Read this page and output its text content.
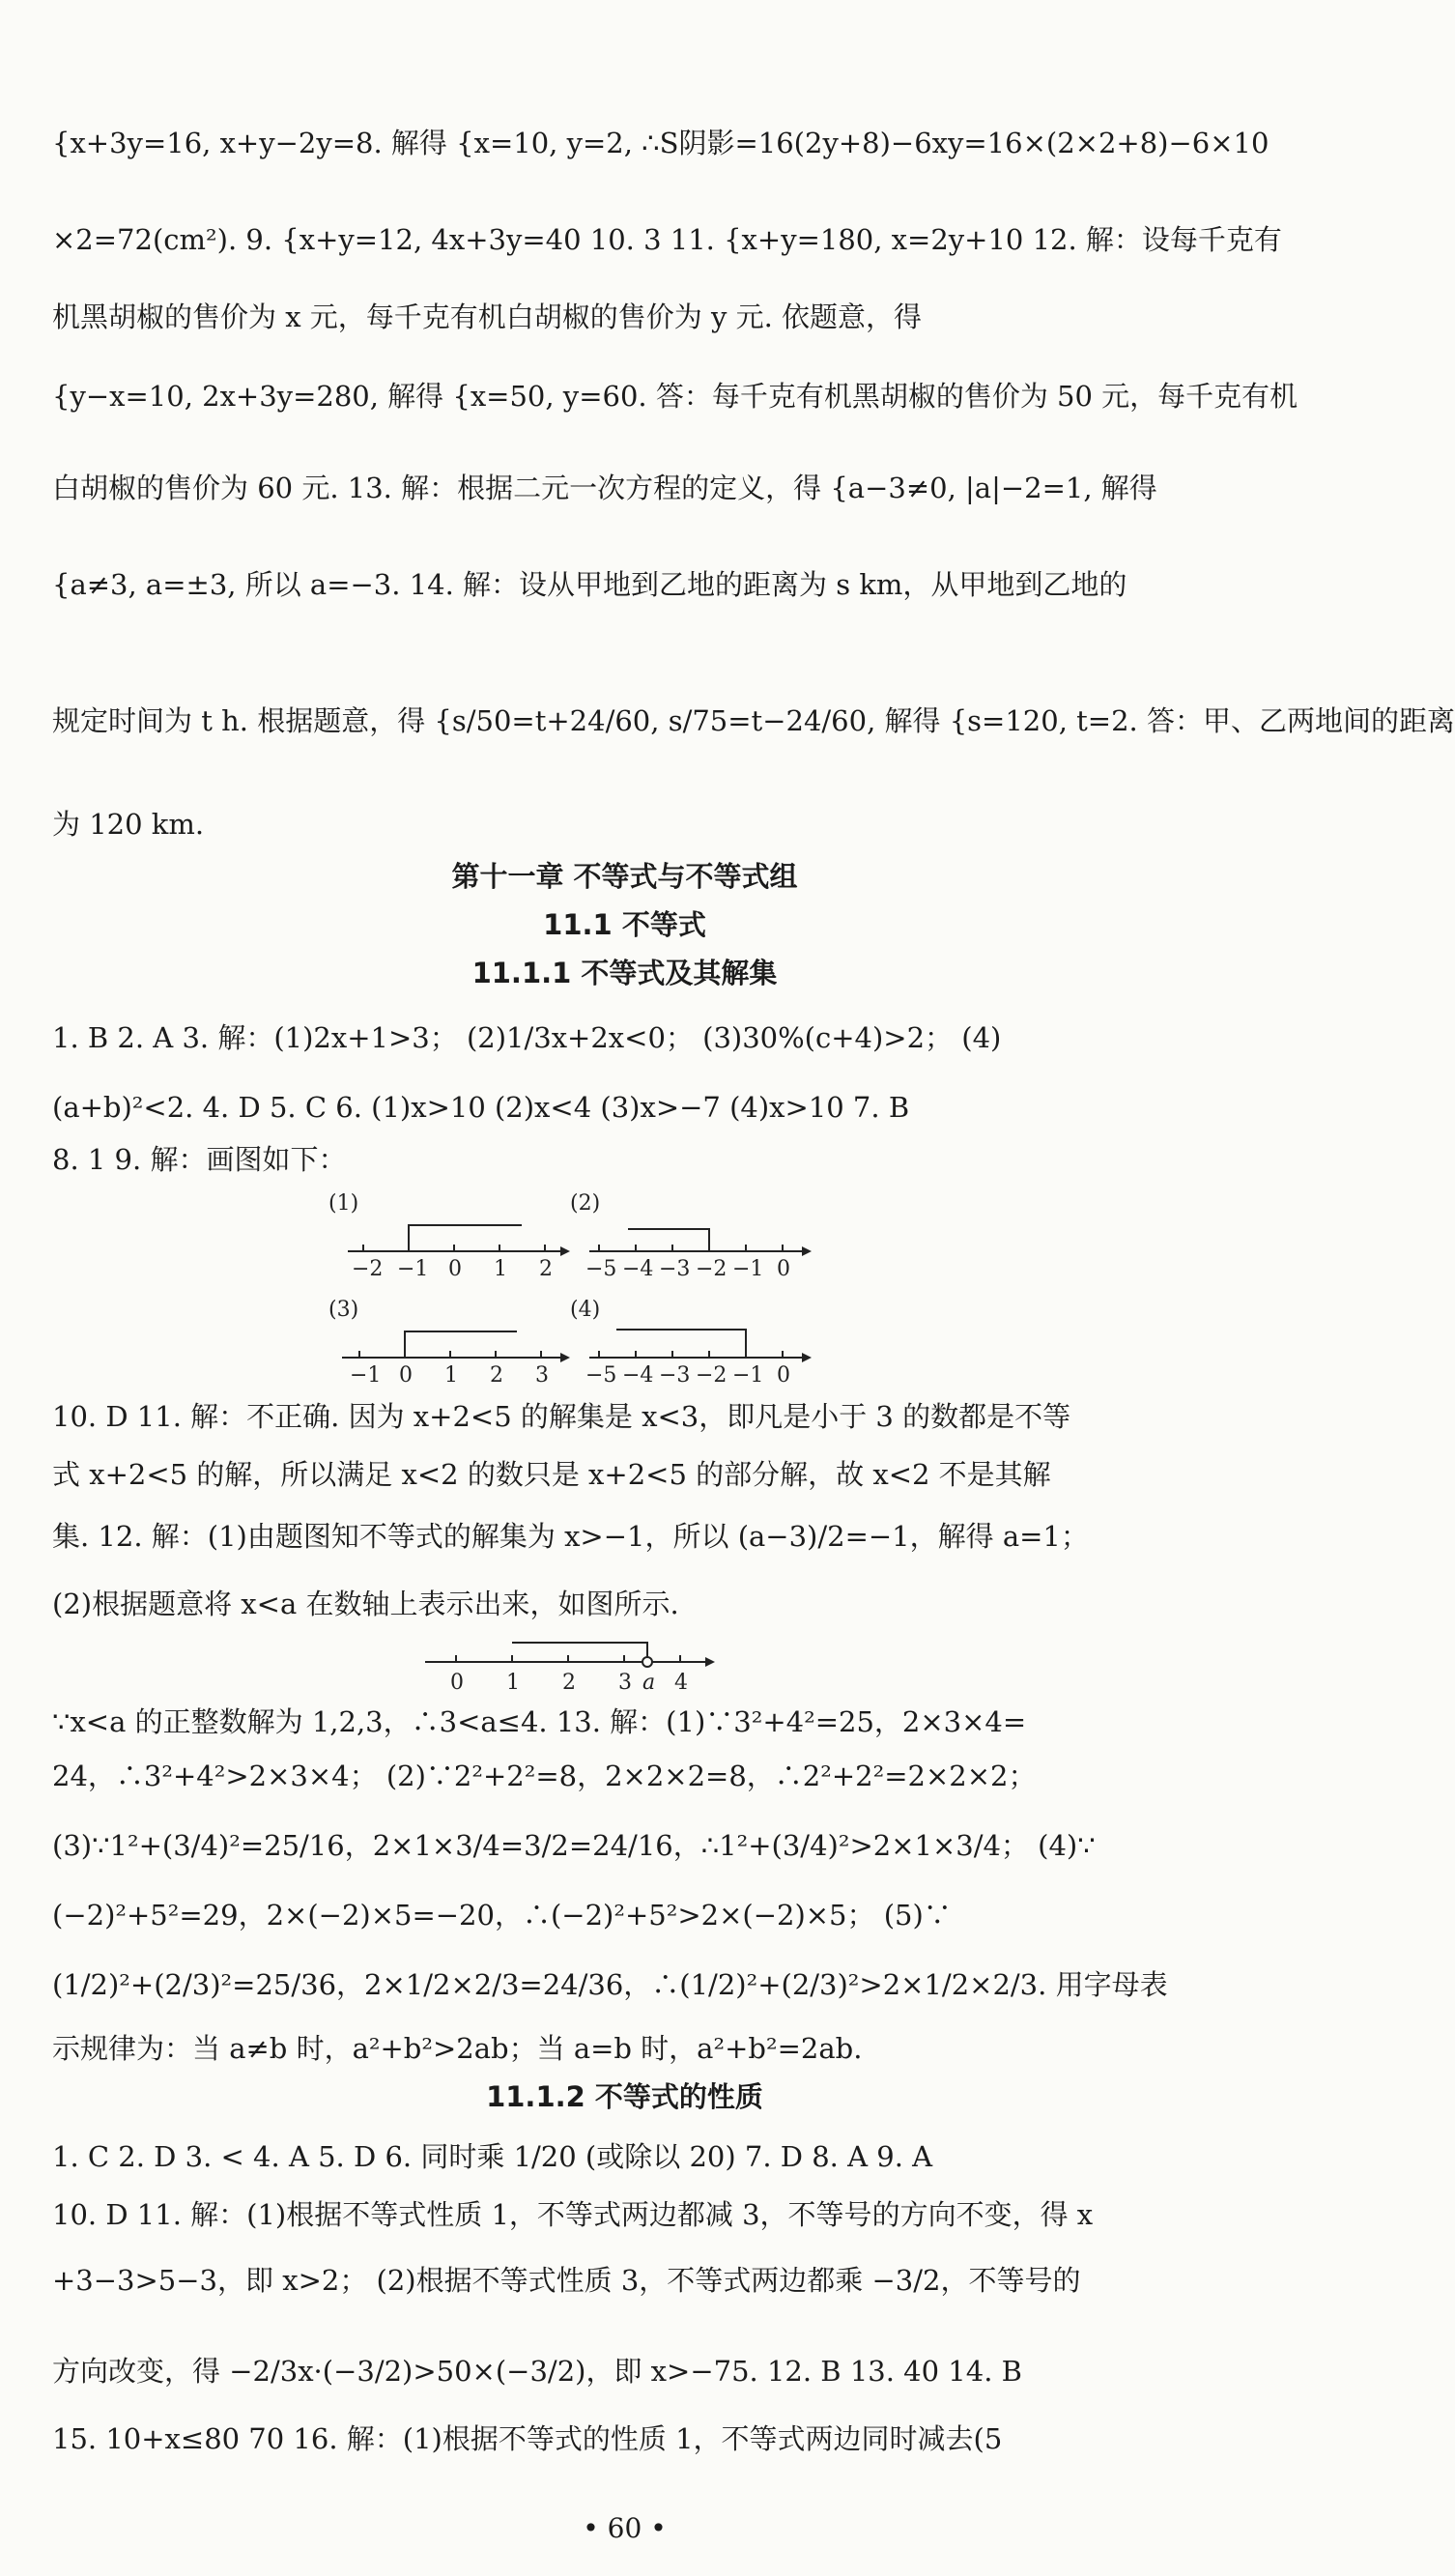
{x+3y=16, x+y−2y=8. 解得 {x=10, y=2, ∴S阴影=16(2y+8)−6xy=16×(2×2+8)−6×10
×2=72(cm²). 9. {x+y=12, 4x+3y=40 10. 3 11. {x+y=180, x=2y+10 12. 解：设每千克有
机黑胡椒的售价为 x 元，每千克有机白胡椒的售价为 y 元. 依题意，得
{y−x=10, 2x+3y=280, 解得 {x=50, y=60. 答：每千克有机黑胡椒的售价为 50 元，每千克有机
白胡椒的售价为 60 元. 13. 解：根据二元一次方程的定义，得 {a−3≠0, |a|−2=1, 解得
{a≠3, a=±3, 所以 a=−3. 14. 解：设从甲地到乙地的距离为 s km，从甲地到乙地的
规定时间为 t h. 根据题意，得 {s/50=t+24/60, s/75=t−24/60, 解得 {s=120, t=2. 答：甲、乙两地间的距离
为 120 km.
第十一章 不等式与不等式组
11.1 不等式
11.1.1 不等式及其解集
1. B 2. A 3. 解：(1)2x+1>3； (2)1/3x+2x<0； (3)30%(c+4)>2； (4)
(a+b)²<2. 4. D 5. C 6. (1)x>10 (2)x<4 (3)x>−7 (4)x>10 7. B
8. 1 9. 解：画图如下：
(1)
−2 −1 0 1 2
(2)
−5 −4 −3 −2 −1 0
(3)
−1 0 1 2 3
(4)
−5 −4 −3 −2 −1 0
10. D 11. 解：不正确. 因为 x+2<5 的解集是 x<3，即凡是小于 3 的数都是不等
式 x+2<5 的解，所以满足 x<2 的数只是 x+2<5 的部分解，故 x<2 不是其解
集. 12. 解：(1)由题图知不等式的解集为 x>−1，所以 (a−3)/2=−1，解得 a=1；
(2)根据题意将 x<a 在数轴上表示出来，如图所示.
0 1 2 3 a 4
∵x<a 的正整数解为 1,2,3，∴3<a≤4. 13. 解：(1)∵3²+4²=25，2×3×4=
24，∴3²+4²>2×3×4； (2)∵2²+2²=8，2×2×2=8，∴2²+2²=2×2×2；
(3)∵1²+(3/4)²=25/16，2×1×3/4=3/2=24/16，∴1²+(3/4)²>2×1×3/4； (4)∵
(−2)²+5²=29，2×(−2)×5=−20，∴(−2)²+5²>2×(−2)×5； (5)∵
(1/2)²+(2/3)²=25/36，2×1/2×2/3=24/36，∴(1/2)²+(2/3)²>2×1/2×2/3. 用字母表
示规律为：当 a≠b 时，a²+b²>2ab；当 a=b 时，a²+b²=2ab.
11.1.2 不等式的性质
1. C 2. D 3. < 4. A 5. D 6. 同时乘 1/20 (或除以 20) 7. D 8. A 9. A
10. D 11. 解：(1)根据不等式性质 1，不等式两边都减 3，不等号的方向不变，得 x
+3−3>5−3，即 x>2； (2)根据不等式性质 3，不等式两边都乘 −3/2，不等号的
方向改变，得 −2/3x·(−3/2)>50×(−3/2)，即 x>−75. 12. B 13. 40 14. B
15. 10+x≤80 70 16. 解：(1)根据不等式的性质 1，不等式两边同时减去(5
• 60 •
